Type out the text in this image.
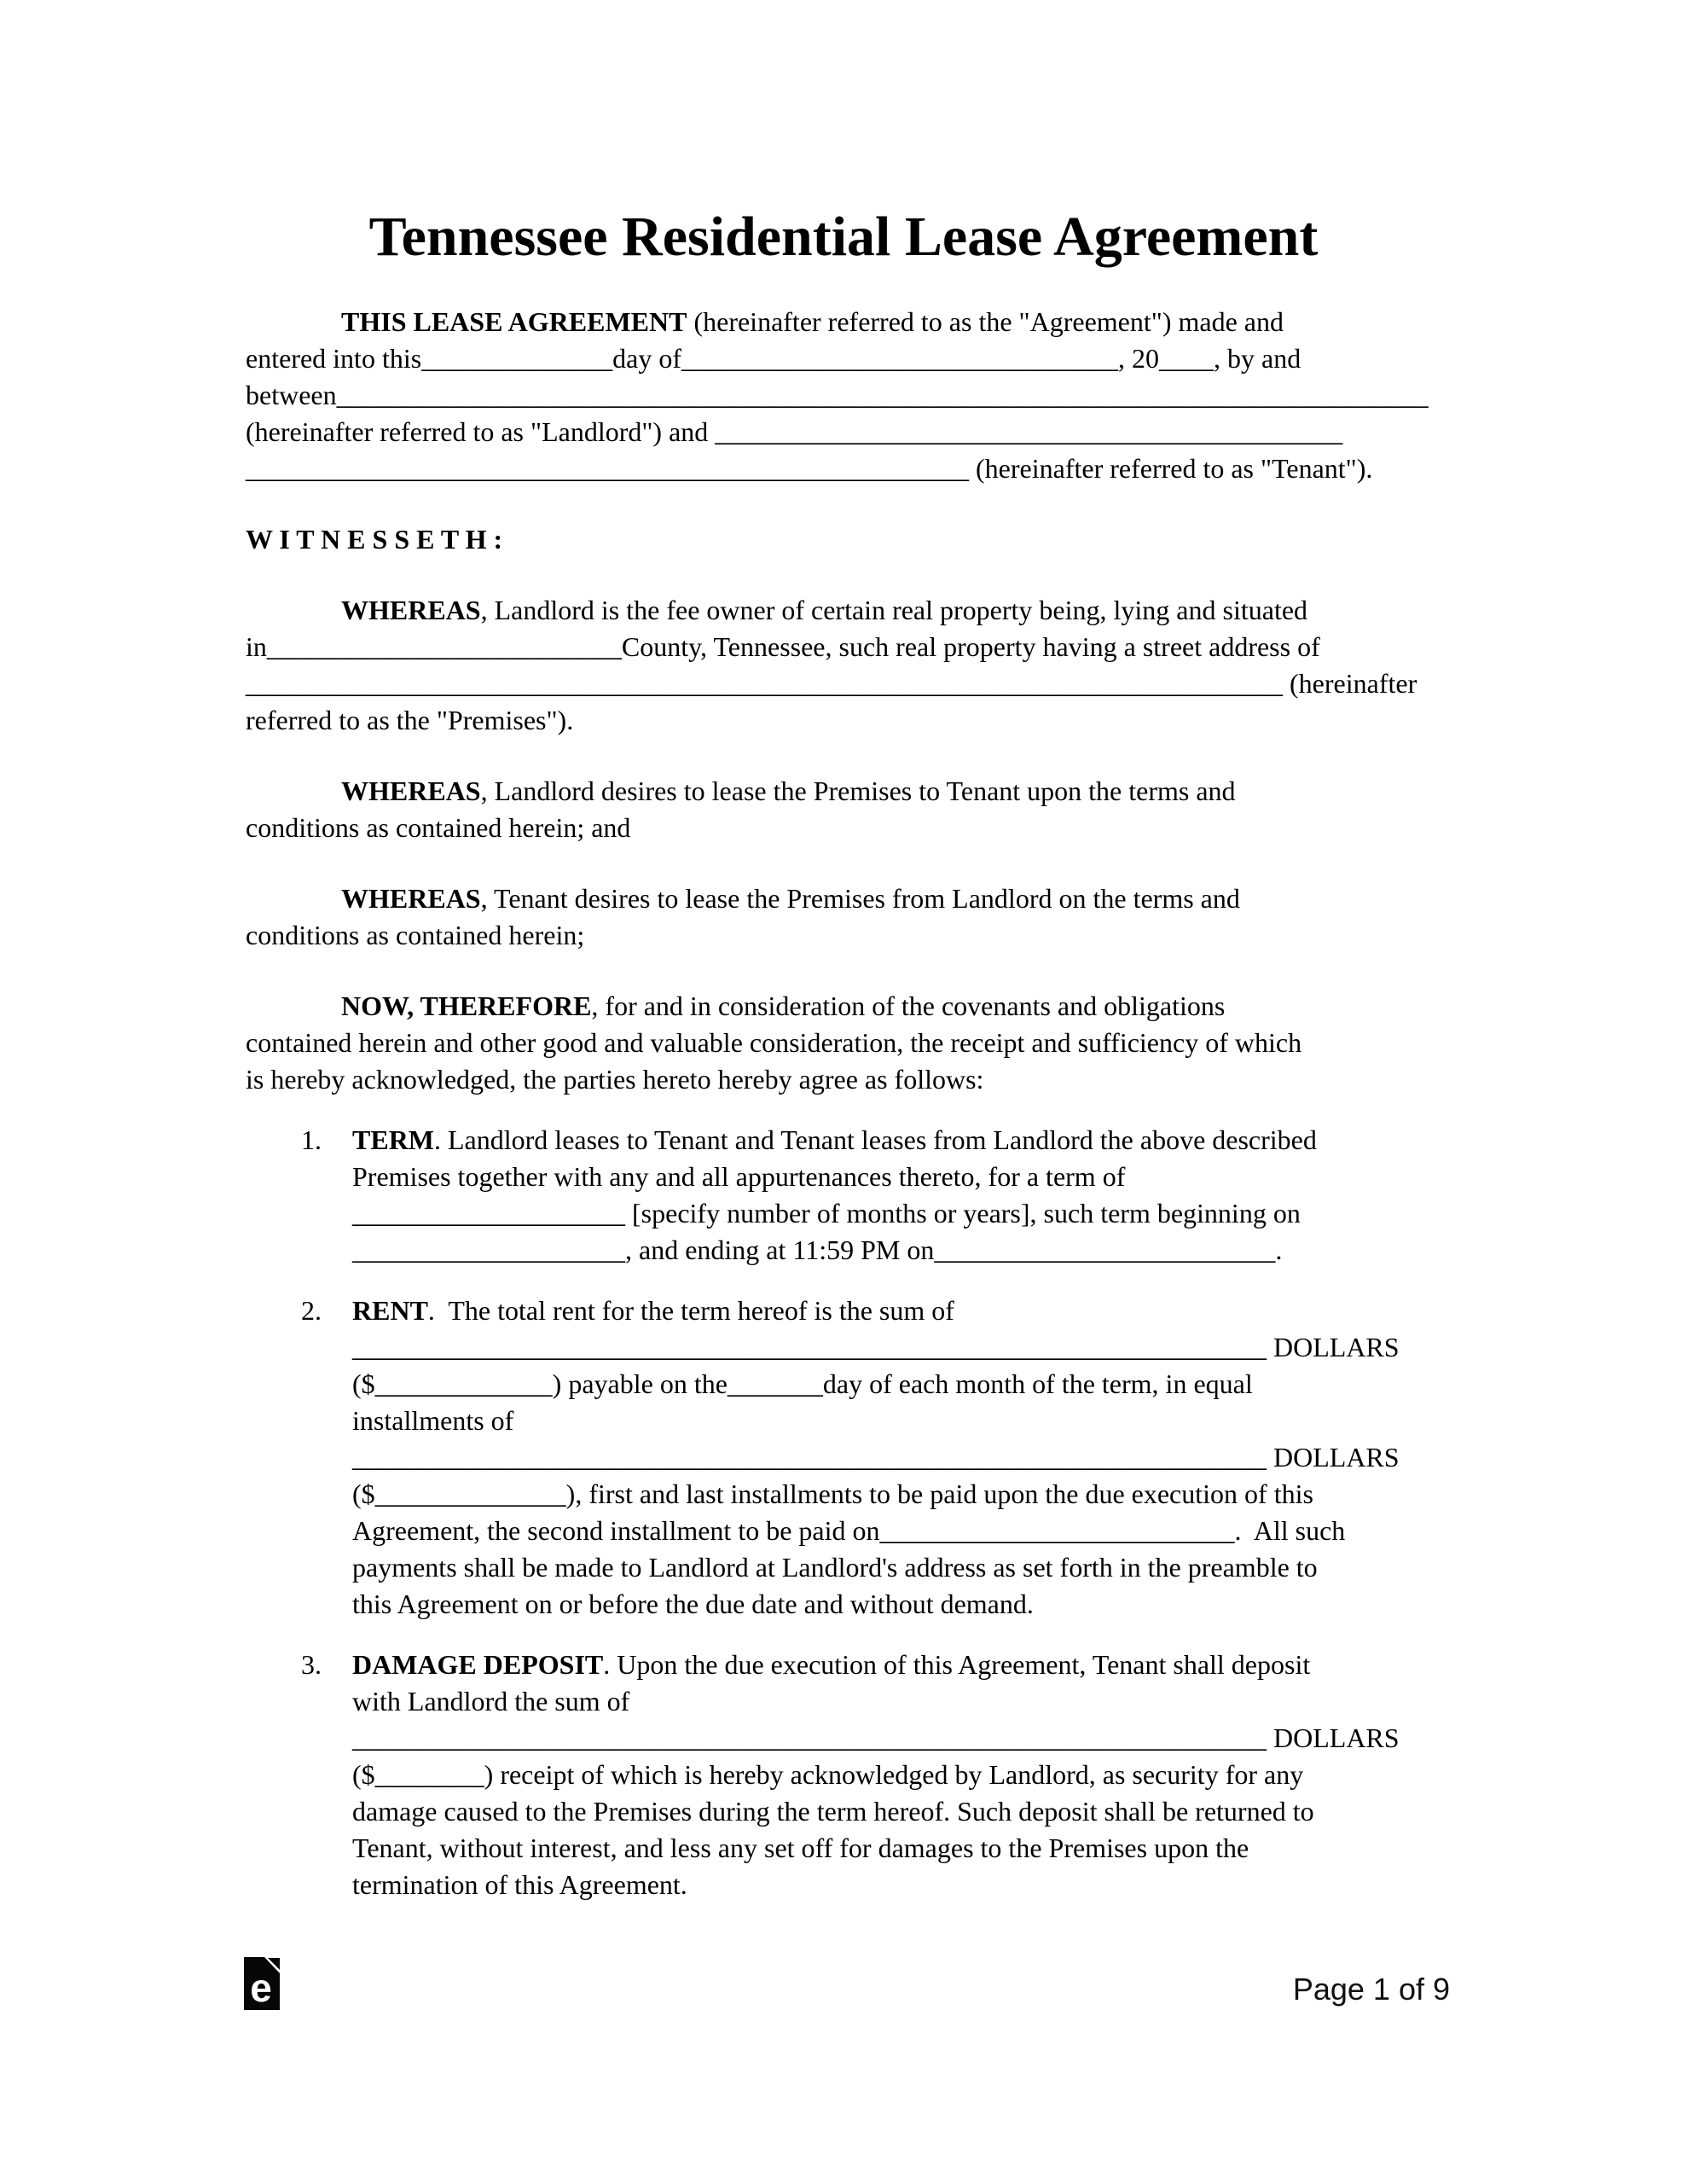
Tennessee Residential Lease Agreement
THIS LEASE AGREEMENT (hereinafter referred to as the "Agreement") made and
entered into this______________day of________________________________, 20____, by and
between________________________________________________________________________________
(hereinafter referred to as "Landlord") and ______________________________________________
_____________________________________________________ (hereinafter referred to as "Tenant").
W I T N E S S E T H :
WHEREAS, Landlord is the fee owner of certain real property being, lying and situated
in__________________________County, Tennessee, such real property having a street address of
____________________________________________________________________________ (hereinafter
referred to as the "Premises").
WHEREAS, Landlord desires to lease the Premises to Tenant upon the terms and
conditions as contained herein; and
WHEREAS, Tenant desires to lease the Premises from Landlord on the terms and
conditions as contained herein;
NOW, THEREFORE, for and in consideration of the covenants and obligations
contained herein and other good and valuable consideration, the receipt and sufficiency of which
is hereby acknowledged, the parties hereto hereby agree as follows:
1.	TERM. Landlord leases to Tenant and Tenant leases from Landlord the above described
Premises together with any and all appurtenances thereto, for a term of
____________________ [specify number of months or years], such term beginning on
____________________, and ending at 11:59 PM on_________________________.
2.	RENT.  The total rent for the term hereof is the sum of
___________________________________________________________________ DOLLARS
($_____________) payable on the_______day of each month of the term, in equal
installments of
___________________________________________________________________ DOLLARS
($______________), first and last installments to be paid upon the due execution of this
Agreement, the second installment to be paid on__________________________.  All such
payments shall be made to Landlord at Landlord's address as set forth in the preamble to
this Agreement on or before the due date and without demand.
3.	DAMAGE DEPOSIT. Upon the due execution of this Agreement, Tenant shall deposit
with Landlord the sum of
___________________________________________________________________ DOLLARS
($________) receipt of which is hereby acknowledged by Landlord, as security for any
damage caused to the Premises during the term hereof. Such deposit shall be returned to
Tenant, without interest, and less any set off for damages to the Premises upon the
termination of this Agreement.
e	Page 1 of 9
